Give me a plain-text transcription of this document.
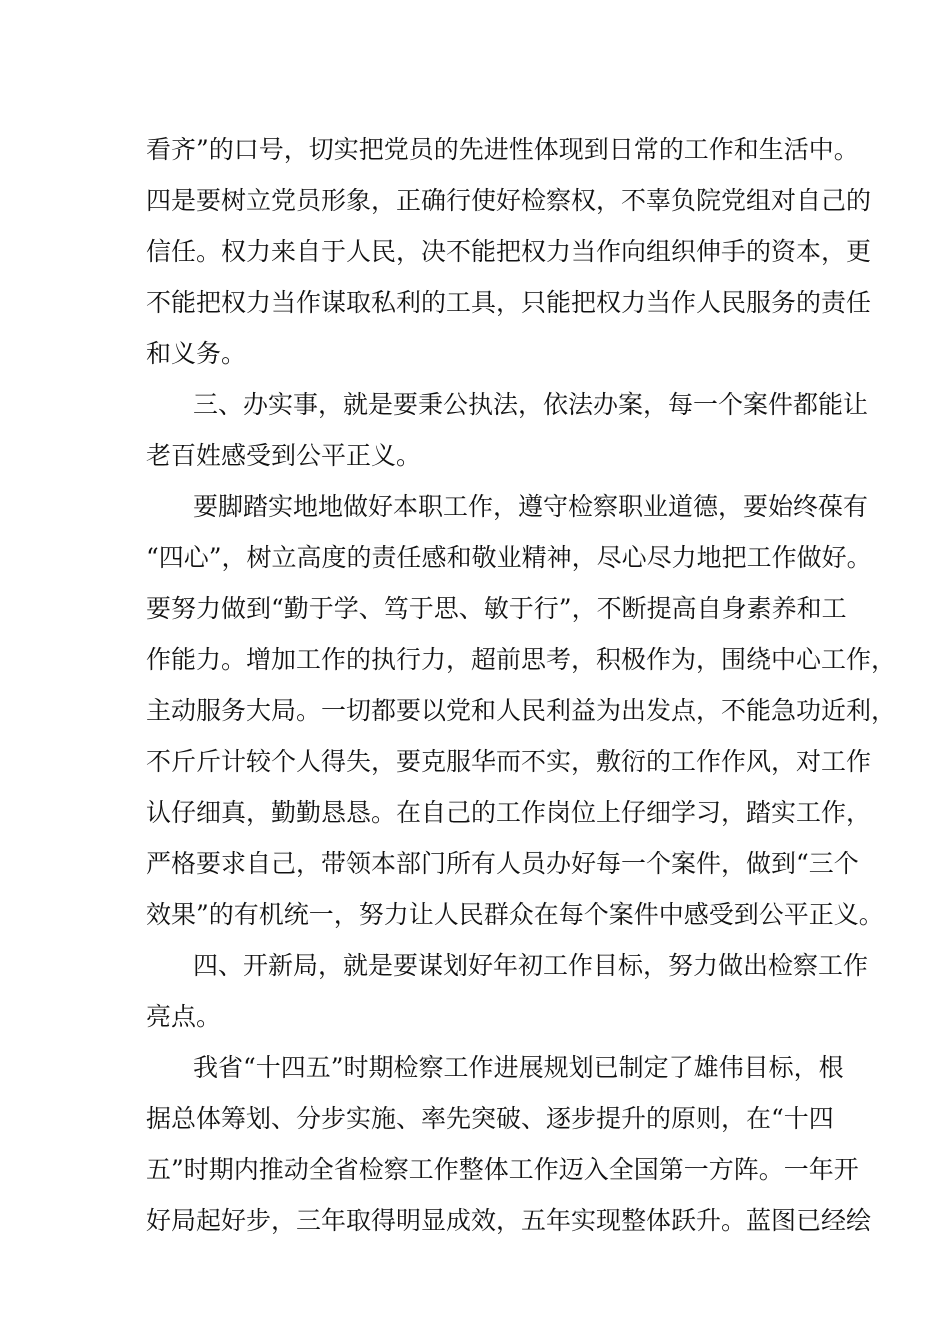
看齐”的口号，切实把党员的先进性体现到日常的工作和生活中。

四是要树立党员形象，正确行使好检察权，不辜负院党组对自己的

信任。权力来自于人民，决不能把权力当作向组织伸手的资本，更

不能把权力当作谋取私利的工具，只能把权力当作人民服务的责任

和义务。

三、办实事，就是要秉公执法，依法办案，每一个案件都能让

老百姓感受到公平正义。

要脚踏实地地做好本职工作，遵守检察职业道德，要始终葆有

“四心”，树立高度的责任感和敬业精神，尽心尽力地把工作做好。

要努力做到“勤于学、笃于思、敏于行”，不断提高自身素养和工

作能力。增加工作的执行力，超前思考，积极作为，围绕中心工作，

主动服务大局。一切都要以党和人民利益为出发点，不能急功近利，

不斤斤计较个人得失，要克服华而不实，敷衍的工作作风，对工作

认仔细真，勤勤恳恳。在自己的工作岗位上仔细学习，踏实工作，

严格要求自己，带领本部门所有人员办好每一个案件，做到“三个

效果”的有机统一，努力让人民群众在每个案件中感受到公平正义。

四、开新局，就是要谋划好年初工作目标，努力做出检察工作

亮点。

我省“十四五”时期检察工作进展规划已制定了雄伟目标，根

据总体筹划、分步实施、率先突破、逐步提升的原则，在“十四

五”时期内推动全省检察工作整体工作迈入全国第一方阵。一年开

好局起好步，三年取得明显成效，五年实现整体跃升。蓝图已经绘
